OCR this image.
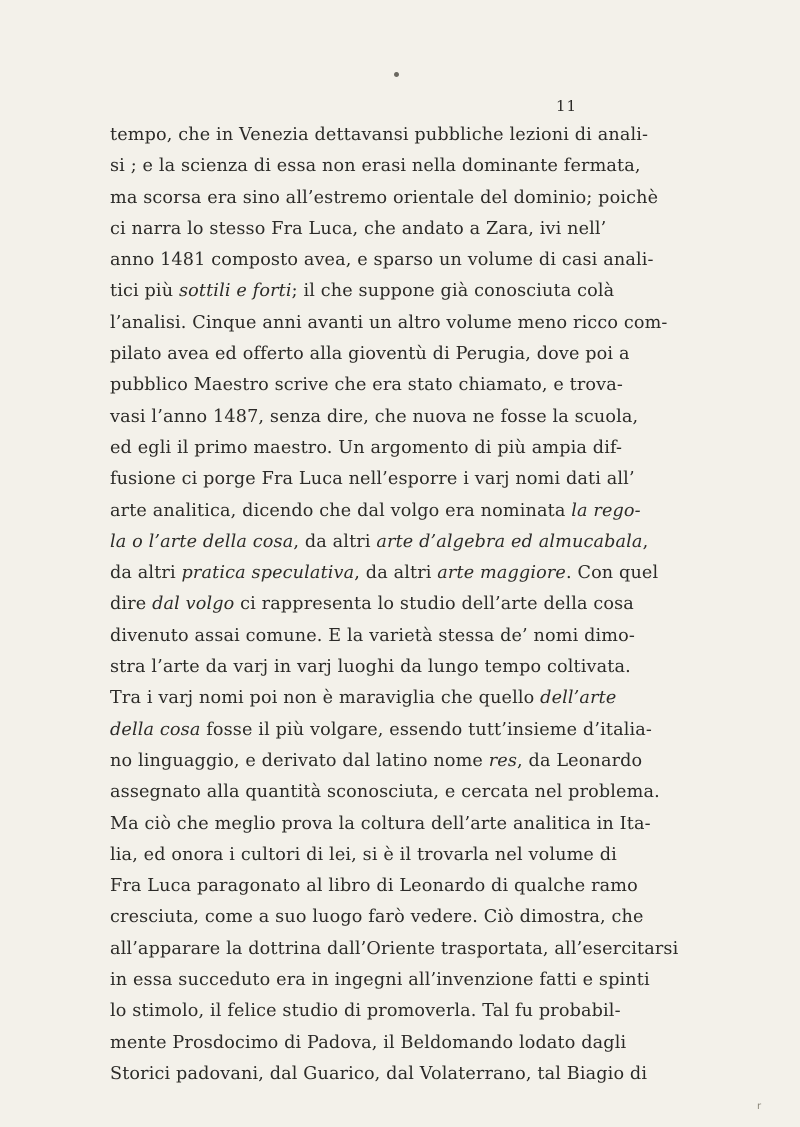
11
tempo, che in Venezia dettavansi pubbliche lezioni di anali-
si ; e la scienza di essa non erasi nella dominante fermata,
ma scorsa era sino all’estremo orientale del dominio; poichè
ci narra lo stesso Fra Luca, che andato a Zara, ivi nell’
anno 1481 composto avea, e sparso un volume di casi anali-
tici più sottili e forti; il che suppone già conosciuta colà
l’analisi. Cinque anni avanti un altro volume meno ricco com-
pilato avea ed offerto alla gioventù di Perugia, dove poi a
pubblico Maestro scrive che era stato chiamato, e trova-
vasi l’anno 1487, senza dire, che nuova ne fosse la scuola,
ed egli il primo maestro. Un argomento di più ampia dif-
fusione ci porge Fra Luca nell’esporre i varj nomi dati all’
arte analitica, dicendo che dal volgo era nominata la rego-
la o l’arte della cosa, da altri arte d’algebra ed almucabala,
da altri pratica speculativa, da altri arte maggiore. Con quel
dire dal volgo ci rappresenta lo studio dell’arte della cosa
divenuto assai comune. E la varietà stessa de’ nomi dimo-
stra l’arte da varj in varj luoghi da lungo tempo coltivata.
Tra i varj nomi poi non è maraviglia che quello dell’arte
della cosa fosse il più volgare, essendo tutt’insieme d’italia-
no linguaggio, e derivato dal latino nome res, da Leonardo
assegnato alla quantità sconosciuta, e cercata nel problema.
Ma ciò che meglio prova la coltura dell’arte analitica in Ita-
lia, ed onora i cultori di lei, si è il trovarla nel volume di
Fra Luca paragonato al libro di Leonardo di qualche ramo
cresciuta, come a suo luogo farò vedere. Ciò dimostra, che
all’apparare la dottrina dall’Oriente trasportata, all’esercitarsi
in essa succeduto era in ingegni all’invenzione fatti e spinti
lo stimolo, il felice studio di promoverla. Tal fu probabil-
mente Prosdocimo di Padova, il Beldomando lodato dagli
Storici padovani, dal Guarico, dal Volaterrano, tal Biagio di
r
